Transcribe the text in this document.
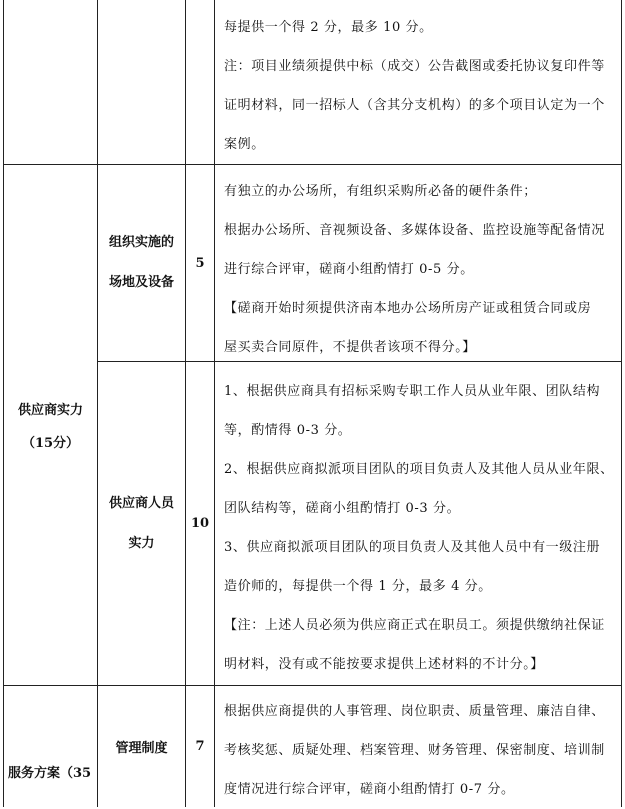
每提供一个得 2 分，最多 10 分。
注：项目业绩须提供中标（成交）公告截图或委托协议复印件等
证明材料，同一招标人（含其分支机构）的多个项目认定为一个
案例。
供应商实力
（15分）
组织实施的
场地及设备
5
有独立的办公场所，有组织采购所必备的硬件条件；
根据办公场所、音视频设备、多媒体设备、监控设施等配备情况
进行综合评审，磋商小组酌情打 0-5 分。
【磋商开始时须提供济南本地办公场所房产证或租赁合同或房
屋买卖合同原件，不提供者该项不得分。】
供应商人员
实力
10
1、根据供应商具有招标采购专职工作人员从业年限、团队结构
等，酌情得 0-3 分。
2、根据供应商拟派项目团队的项目负责人及其他人员从业年限、
团队结构等，磋商小组酌情打 0-3 分。
3、供应商拟派项目团队的项目负责人及其他人员中有一级注册
造价师的，每提供一个得 1 分，最多 4 分。
【注：上述人员必须为供应商正式在职员工。须提供缴纳社保证
明材料，没有或不能按要求提供上述材料的不计分。】
服务方案（35
管理制度	7
根据供应商提供的人事管理、岗位职责、质量管理、廉洁自律、
考核奖惩、质疑处理、档案管理、财务管理、保密制度、培训制
度情况进行综合评审，磋商小组酌情打 0-7 分。
